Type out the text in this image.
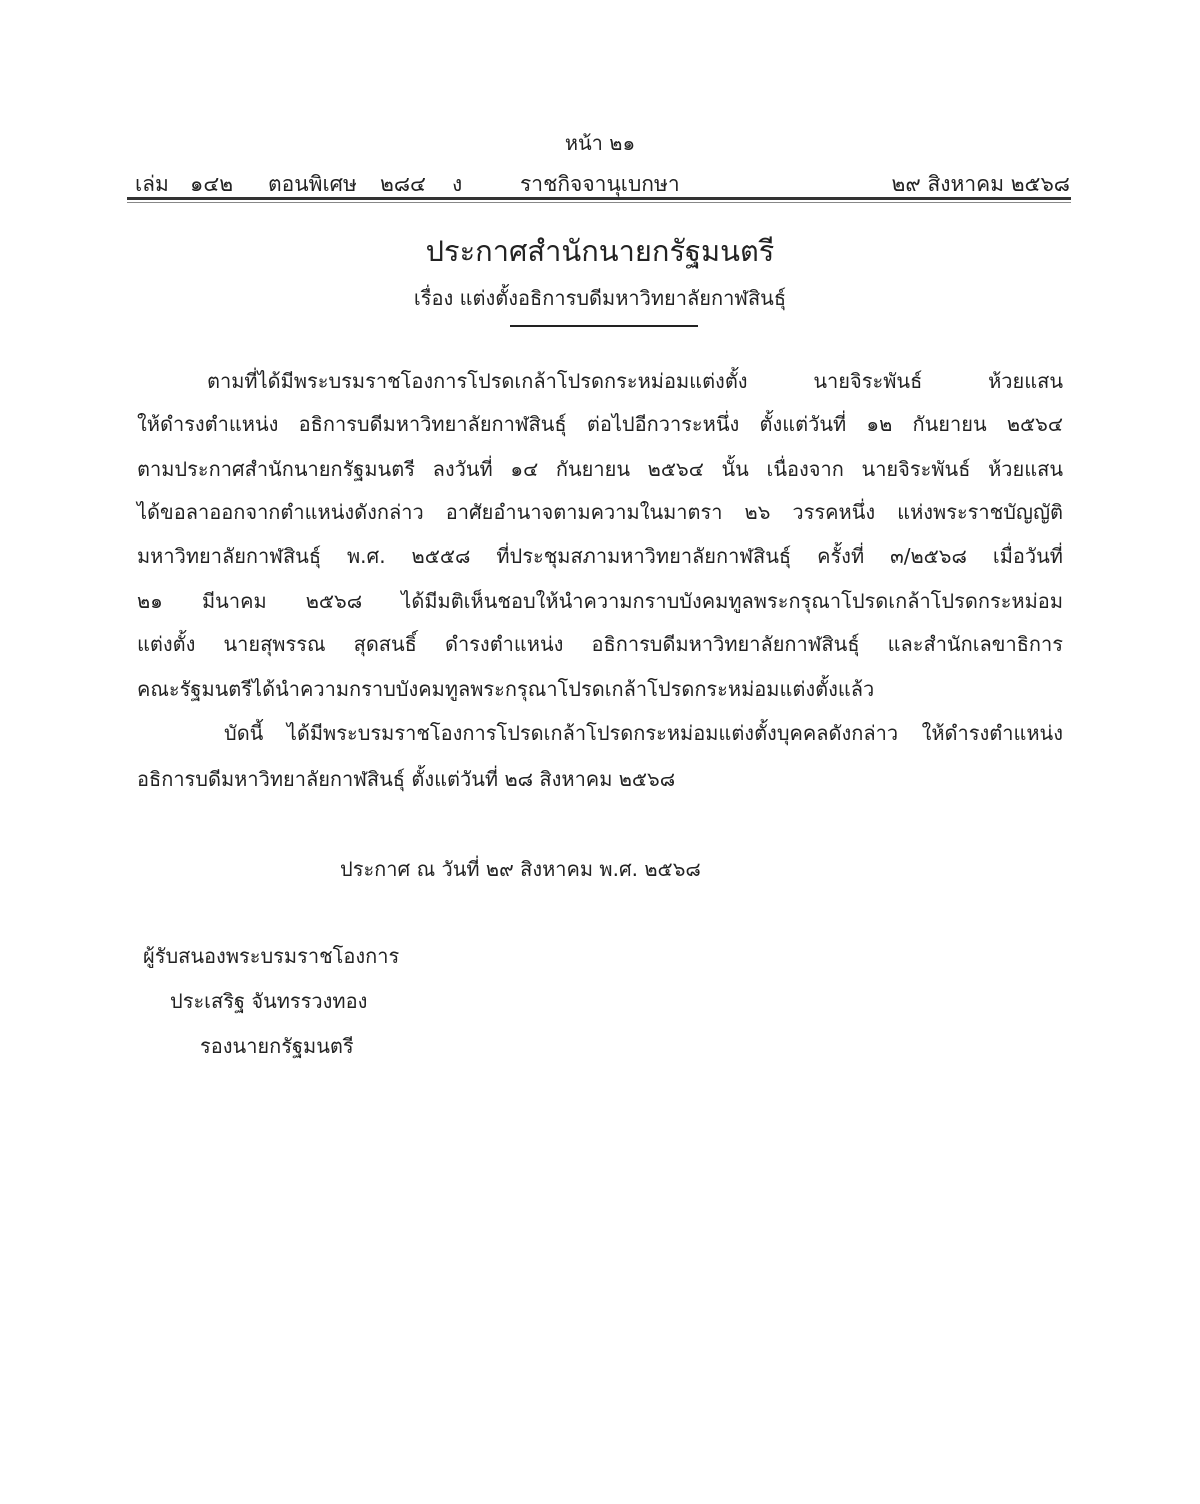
หน้า ๒๑
เล่ม ๑๔๒ ตอนพิเศษ ๒๘๔ ง	ราชกิจจานุเบกษา	๒๙ สิงหาคม ๒๕๖๘
ประกาศสำนักนายกรัฐมนตรี
เรื่อง แต่งตั้งอธิการบดีมหาวิทยาลัยกาฬสินธุ์
ตามที่ได้มีพระบรมราชโองการโปรดเกล้าโปรดกระหม่อมแต่งตั้ง นายจิระพันธ์ ห้วยแสน
ให้ดำรงตำแหน่ง อธิการบดีมหาวิทยาลัยกาฬสินธุ์ ต่อไปอีกวาระหนึ่ง ตั้งแต่วันที่ ๑๒ กันยายน ๒๕๖๔
ตามประกาศสำนักนายกรัฐมนตรี ลงวันที่ ๑๔ กันยายน ๒๕๖๔ นั้น เนื่องจาก นายจิระพันธ์ ห้วยแสน
ได้ขอลาออกจากตำแหน่งดังกล่าว อาศัยอำนาจตามความในมาตรา ๒๖ วรรคหนึ่ง แห่งพระราชบัญญัติ
มหาวิทยาลัยกาฬสินธุ์ พ.ศ. ๒๕๕๘ ที่ประชุมสภามหาวิทยาลัยกาฬสินธุ์ ครั้งที่ ๓/๒๕๖๘ เมื่อวันที่
๒๑ มีนาคม ๒๕๖๘ ได้มีมติเห็นชอบให้นำความกราบบังคมทูลพระกรุณาโปรดเกล้าโปรดกระหม่อม
แต่งตั้ง นายสุพรรณ สุดสนธิ์ ดำรงตำแหน่ง อธิการบดีมหาวิทยาลัยกาฬสินธุ์ และสำนักเลขาธิการ
คณะรัฐมนตรีได้นำความกราบบังคมทูลพระกรุณาโปรดเกล้าโปรดกระหม่อมแต่งตั้งแล้ว
บัดนี้ ได้มีพระบรมราชโองการโปรดเกล้าโปรดกระหม่อมแต่งตั้งบุคคลดังกล่าว ให้ดำรงตำแหน่ง
อธิการบดีมหาวิทยาลัยกาฬสินธุ์ ตั้งแต่วันที่ ๒๘ สิงหาคม ๒๕๖๘
ประกาศ ณ วันที่ ๒๙ สิงหาคม พ.ศ. ๒๕๖๘
ผู้รับสนองพระบรมราชโองการ
ประเสริฐ จันทรรวงทอง
รองนายกรัฐมนตรี
